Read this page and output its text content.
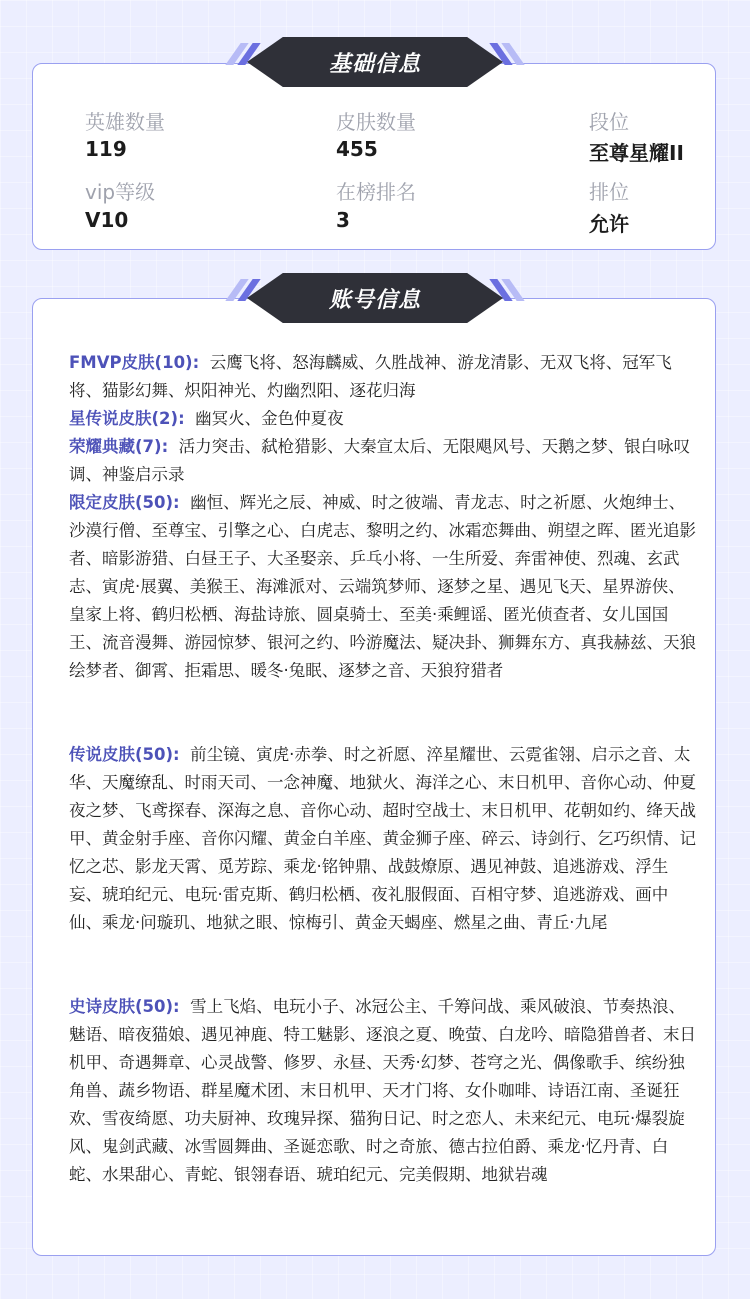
英雄数量
119
皮肤数量
455
段位
至尊星耀II
vip等级
V10
在榜排名
3
排位
允许
基础信息
FMVP皮肤(10): 云鹰飞将、怒海麟威、久胜战神、游龙清影、无双飞将、冠军飞将、猫影幻舞、炽阳神光、灼幽烈阳、逐花归海
星传说皮肤(2): 幽冥火、金色仲夏夜
荣耀典藏(7): 活力突击、弑枪猎影、大秦宣太后、无限飓风号、天鹅之梦、银白咏叹调、神鉴启示录
限定皮肤(50): 幽恒、辉光之辰、神威、时之彼端、青龙志、时之祈愿、火炮绅士、沙漠行僧、至尊宝、引擎之心、白虎志、黎明之约、冰霜恋舞曲、朔望之晖、匿光追影者、暗影游猎、白昼王子、大圣娶亲、乒乓小将、一生所爱、奔雷神使、烈魂、玄武志、寅虎·展翼、美猴王、海滩派对、云端筑梦师、逐梦之星、遇见飞天、星界游侠、皇家上将、鹤归松栖、海盐诗旅、圆桌骑士、至美·乘鲤谣、匿光侦查者、女儿国国王、流音漫舞、游园惊梦、银河之约、吟游魔法、疑决卦、狮舞东方、真我赫兹、天狼绘梦者、御霄、拒霜思、暖冬·兔眠、逐梦之音、天狼狩猎者
传说皮肤(50): 前尘镜、寅虎·赤拳、时之祈愿、淬星耀世、云霓雀翎、启示之音、太华、天魔缭乱、时雨天司、一念神魔、地狱火、海洋之心、末日机甲、音你心动、仲夏夜之梦、飞鸢探春、深海之息、音你心动、超时空战士、末日机甲、花朝如约、绛天战甲、黄金射手座、音你闪耀、黄金白羊座、黄金狮子座、碎云、诗剑行、乞巧织情、记忆之芯、影龙天霄、觅芳踪、乘龙·铭钟鼎、战鼓燎原、遇见神鼓、追逃游戏、浮生妄、琥珀纪元、电玩·雷克斯、鹤归松栖、夜礼服假面、百相守梦、追逃游戏、画中仙、乘龙·问璇玑、地狱之眼、惊梅引、黄金天蝎座、燃星之曲、青丘·九尾
史诗皮肤(50): 雪上飞焰、电玩小子、冰冠公主、千筹问战、乘风破浪、节奏热浪、魅语、暗夜猫娘、遇见神鹿、特工魅影、逐浪之夏、晚萤、白龙吟、暗隐猎兽者、末日机甲、奇遇舞章、心灵战警、修罗、永昼、天秀·幻梦、苍穹之光、偶像歌手、缤纷独角兽、蔬乡物语、群星魔术团、末日机甲、天才门将、女仆咖啡、诗语江南、圣诞狂欢、雪夜绮愿、功夫厨神、玫瑰异探、猫狗日记、时之恋人、未来纪元、电玩·爆裂旋风、鬼剑武藏、冰雪圆舞曲、圣诞恋歌、时之奇旅、德古拉伯爵、乘龙·忆丹青、白蛇、水果甜心、青蛇、银翎春语、琥珀纪元、完美假期、地狱岩魂
账号信息
